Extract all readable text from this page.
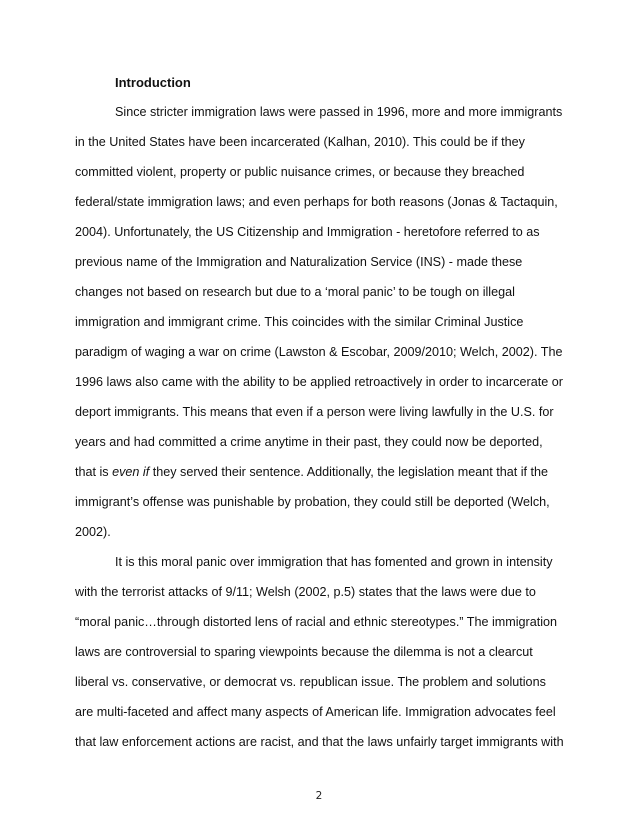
Introduction

Since stricter immigration laws were passed in 1996, more and more immigrants

in the United States have been incarcerated (Kalhan, 2010). This could be if they

committed violent, property or public nuisance crimes, or because they breached

federal/state immigration laws; and even perhaps for both reasons (Jonas & Tactaquin,

2004). Unfortunately, the US Citizenship and Immigration - heretofore referred to as

previous name of the Immigration and Naturalization Service (INS) - made these

changes not based on research but due to a ‘moral panic’ to be tough on illegal

immigration and immigrant crime. This coincides with the similar Criminal Justice

paradigm of waging a war on crime (Lawston & Escobar, 2009/2010; Welch, 2002). The

1996 laws also came with the ability to be applied retroactively in order to incarcerate or

deport immigrants. This means that even if a person were living lawfully in the U.S. for

years and had committed a crime anytime in their past, they could now be deported,

that is even if they served their sentence. Additionally, the legislation meant that if the

immigrant’s offense was punishable by probation, they could still be deported (Welch,

2002).

It is this moral panic over immigration that has fomented and grown in intensity

with the terrorist attacks of 9/11; Welsh (2002, p.5) states that the laws were due to

“moral panic…through distorted lens of racial and ethnic stereotypes.” The immigration

laws are controversial to sparing viewpoints because the dilemma is not a clearcut

liberal vs. conservative, or democrat vs. republican issue. The problem and solutions

are multi-faceted and affect many aspects of American life. Immigration advocates feel

that law enforcement actions are racist, and that the laws unfairly target immigrants with

2
